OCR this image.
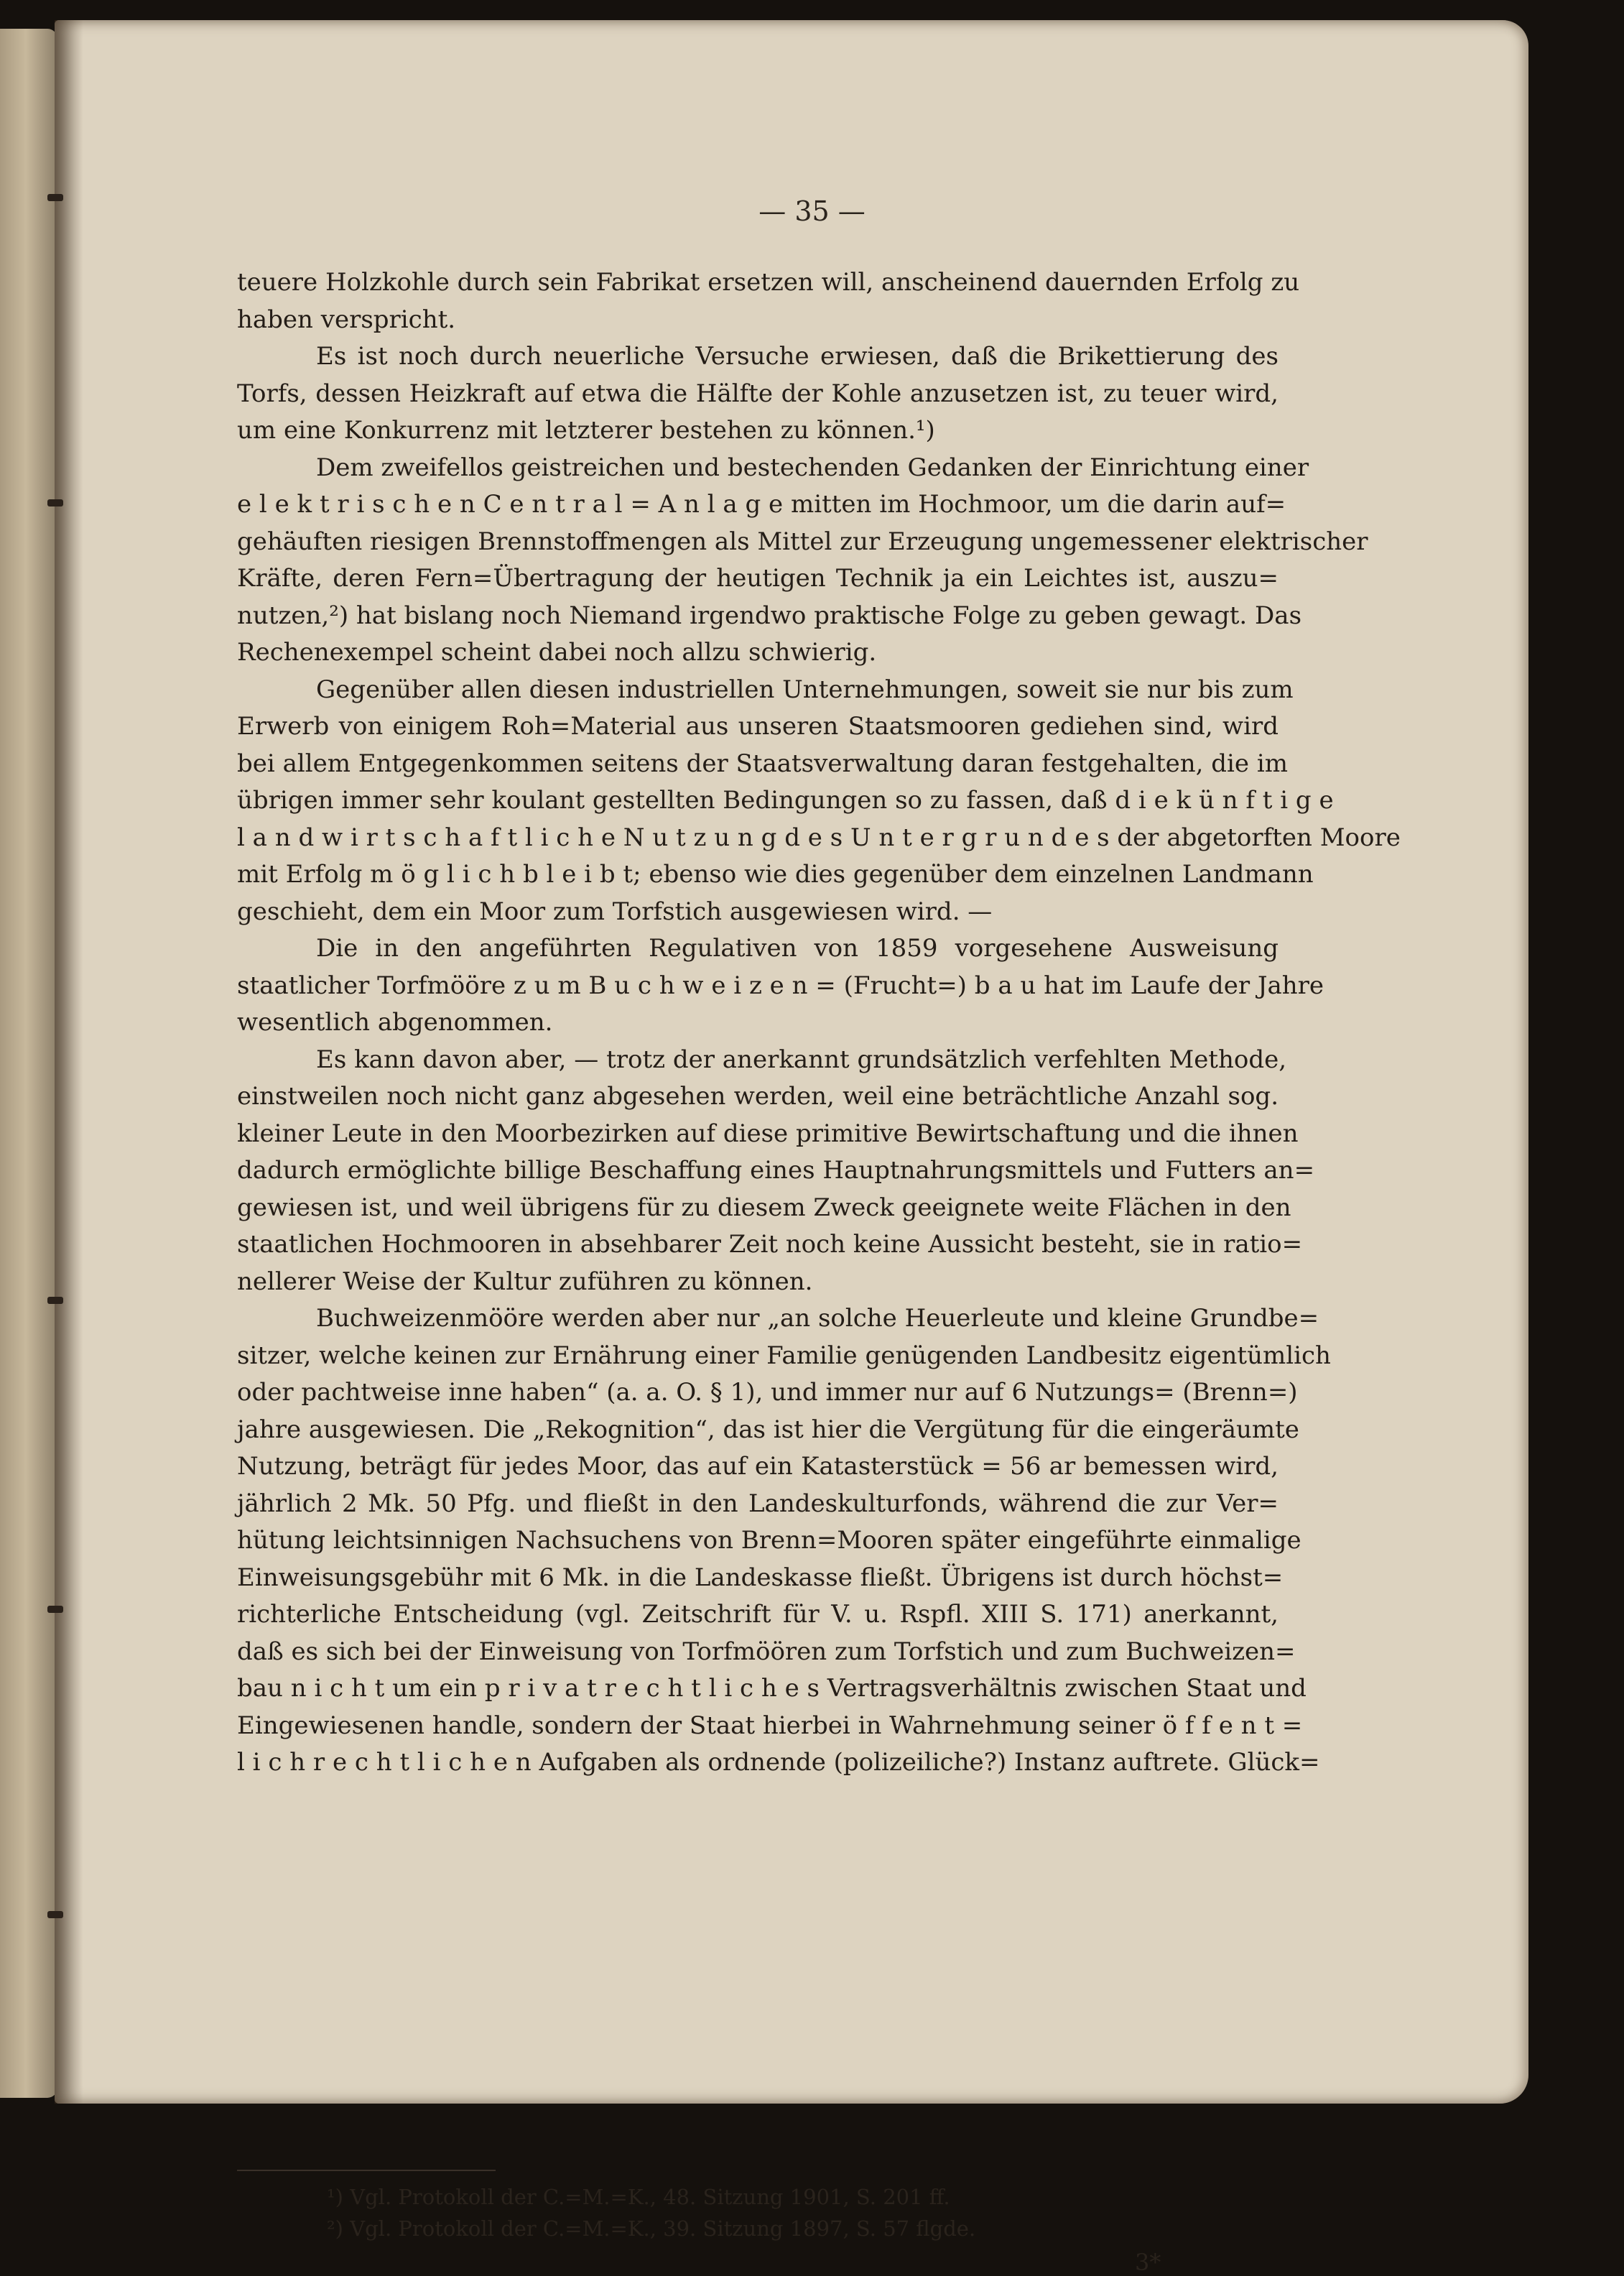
— 35 —
teuere Holzkohle durch sein Fabrikat ersetzen will, anscheinend dauernden Erfolg zu
haben verspricht.
Es ist noch durch neuerliche Versuche erwiesen, daß die Brikettierung des
Torfs, dessen Heizkraft auf etwa die Hälfte der Kohle anzusetzen ist, zu teuer wird,
um eine Konkurrenz mit letzterer bestehen zu können.¹)
Dem zweifellos geistreichen und bestechenden Gedanken der Einrichtung einer
e l e k t r i s c h e n C e n t r a l = A n l a g e mitten im Hochmoor, um die darin auf=
gehäuften riesigen Brennstoffmengen als Mittel zur Erzeugung ungemessener elektrischer
Kräfte, deren Fern=Übertragung der heutigen Technik ja ein Leichtes ist, auszu=
nutzen,²) hat bislang noch Niemand irgendwo praktische Folge zu geben gewagt. Das
Rechenexempel scheint dabei noch allzu schwierig.
Gegenüber allen diesen industriellen Unternehmungen, soweit sie nur bis zum
Erwerb von einigem Roh=Material aus unseren Staatsmooren gediehen sind, wird
bei allem Entgegenkommen seitens der Staatsverwaltung daran festgehalten, die im
übrigen immer sehr koulant gestellten Bedingungen so zu fassen, daß d i e k ü n f t i g e
l a n d w i r t s c h a f t l i c h e N u t z u n g d e s U n t e r g r u n d e s der abgetorften Moore
mit Erfolg m ö g l i c h b l e i b t; ebenso wie dies gegenüber dem einzelnen Landmann
geschieht, dem ein Moor zum Torfstich ausgewiesen wird. —
Die in den angeführten Regulativen von 1859 vorgesehene Ausweisung
staatlicher Torfmööre z u m B u c h w e i z e n = (Frucht=) b a u hat im Laufe der Jahre
wesentlich abgenommen.
Es kann davon aber, — trotz der anerkannt grundsätzlich verfehlten Methode,
einstweilen noch nicht ganz abgesehen werden, weil eine beträchtliche Anzahl sog.
kleiner Leute in den Moorbezirken auf diese primitive Bewirtschaftung und die ihnen
dadurch ermöglichte billige Beschaffung eines Hauptnahrungsmittels und Futters an=
gewiesen ist, und weil übrigens für zu diesem Zweck geeignete weite Flächen in den
staatlichen Hochmooren in absehbarer Zeit noch keine Aussicht besteht, sie in ratio=
nellerer Weise der Kultur zuführen zu können.
Buchweizenmööre werden aber nur „an solche Heuerleute und kleine Grundbe=
sitzer, welche keinen zur Ernährung einer Familie genügenden Landbesitz eigentümlich
oder pachtweise inne haben“ (a. a. O. § 1), und immer nur auf 6 Nutzungs= (Brenn=)
jahre ausgewiesen. Die „Rekognition“, das ist hier die Vergütung für die eingeräumte
Nutzung, beträgt für jedes Moor, das auf ein Katasterstück = 56 ar bemessen wird,
jährlich 2 Mk. 50 Pfg. und fließt in den Landeskulturfonds, während die zur Ver=
hütung leichtsinnigen Nachsuchens von Brenn=Mooren später eingeführte einmalige
Einweisungsgebühr mit 6 Mk. in die Landeskasse fließt. Übrigens ist durch höchst=
richterliche Entscheidung (vgl. Zeitschrift für V. u. Rspfl. XIII S. 171) anerkannt,
daß es sich bei der Einweisung von Torfmöören zum Torfstich und zum Buchweizen=
bau n i c h t um ein p r i v a t r e c h t l i c h e s Vertragsverhältnis zwischen Staat und
Eingewiesenen handle, sondern der Staat hierbei in Wahrnehmung seiner ö f f e n t =
l i c h r e c h t l i c h e n Aufgaben als ordnende (polizeiliche?) Instanz auftrete. Glück=
¹) Vgl. Protokoll der C.=M.=K., 48. Sitzung 1901, S. 201 ff.
²) Vgl. Protokoll der C.=M.=K., 39. Sitzung 1897, S. 57 flgde.
3*
